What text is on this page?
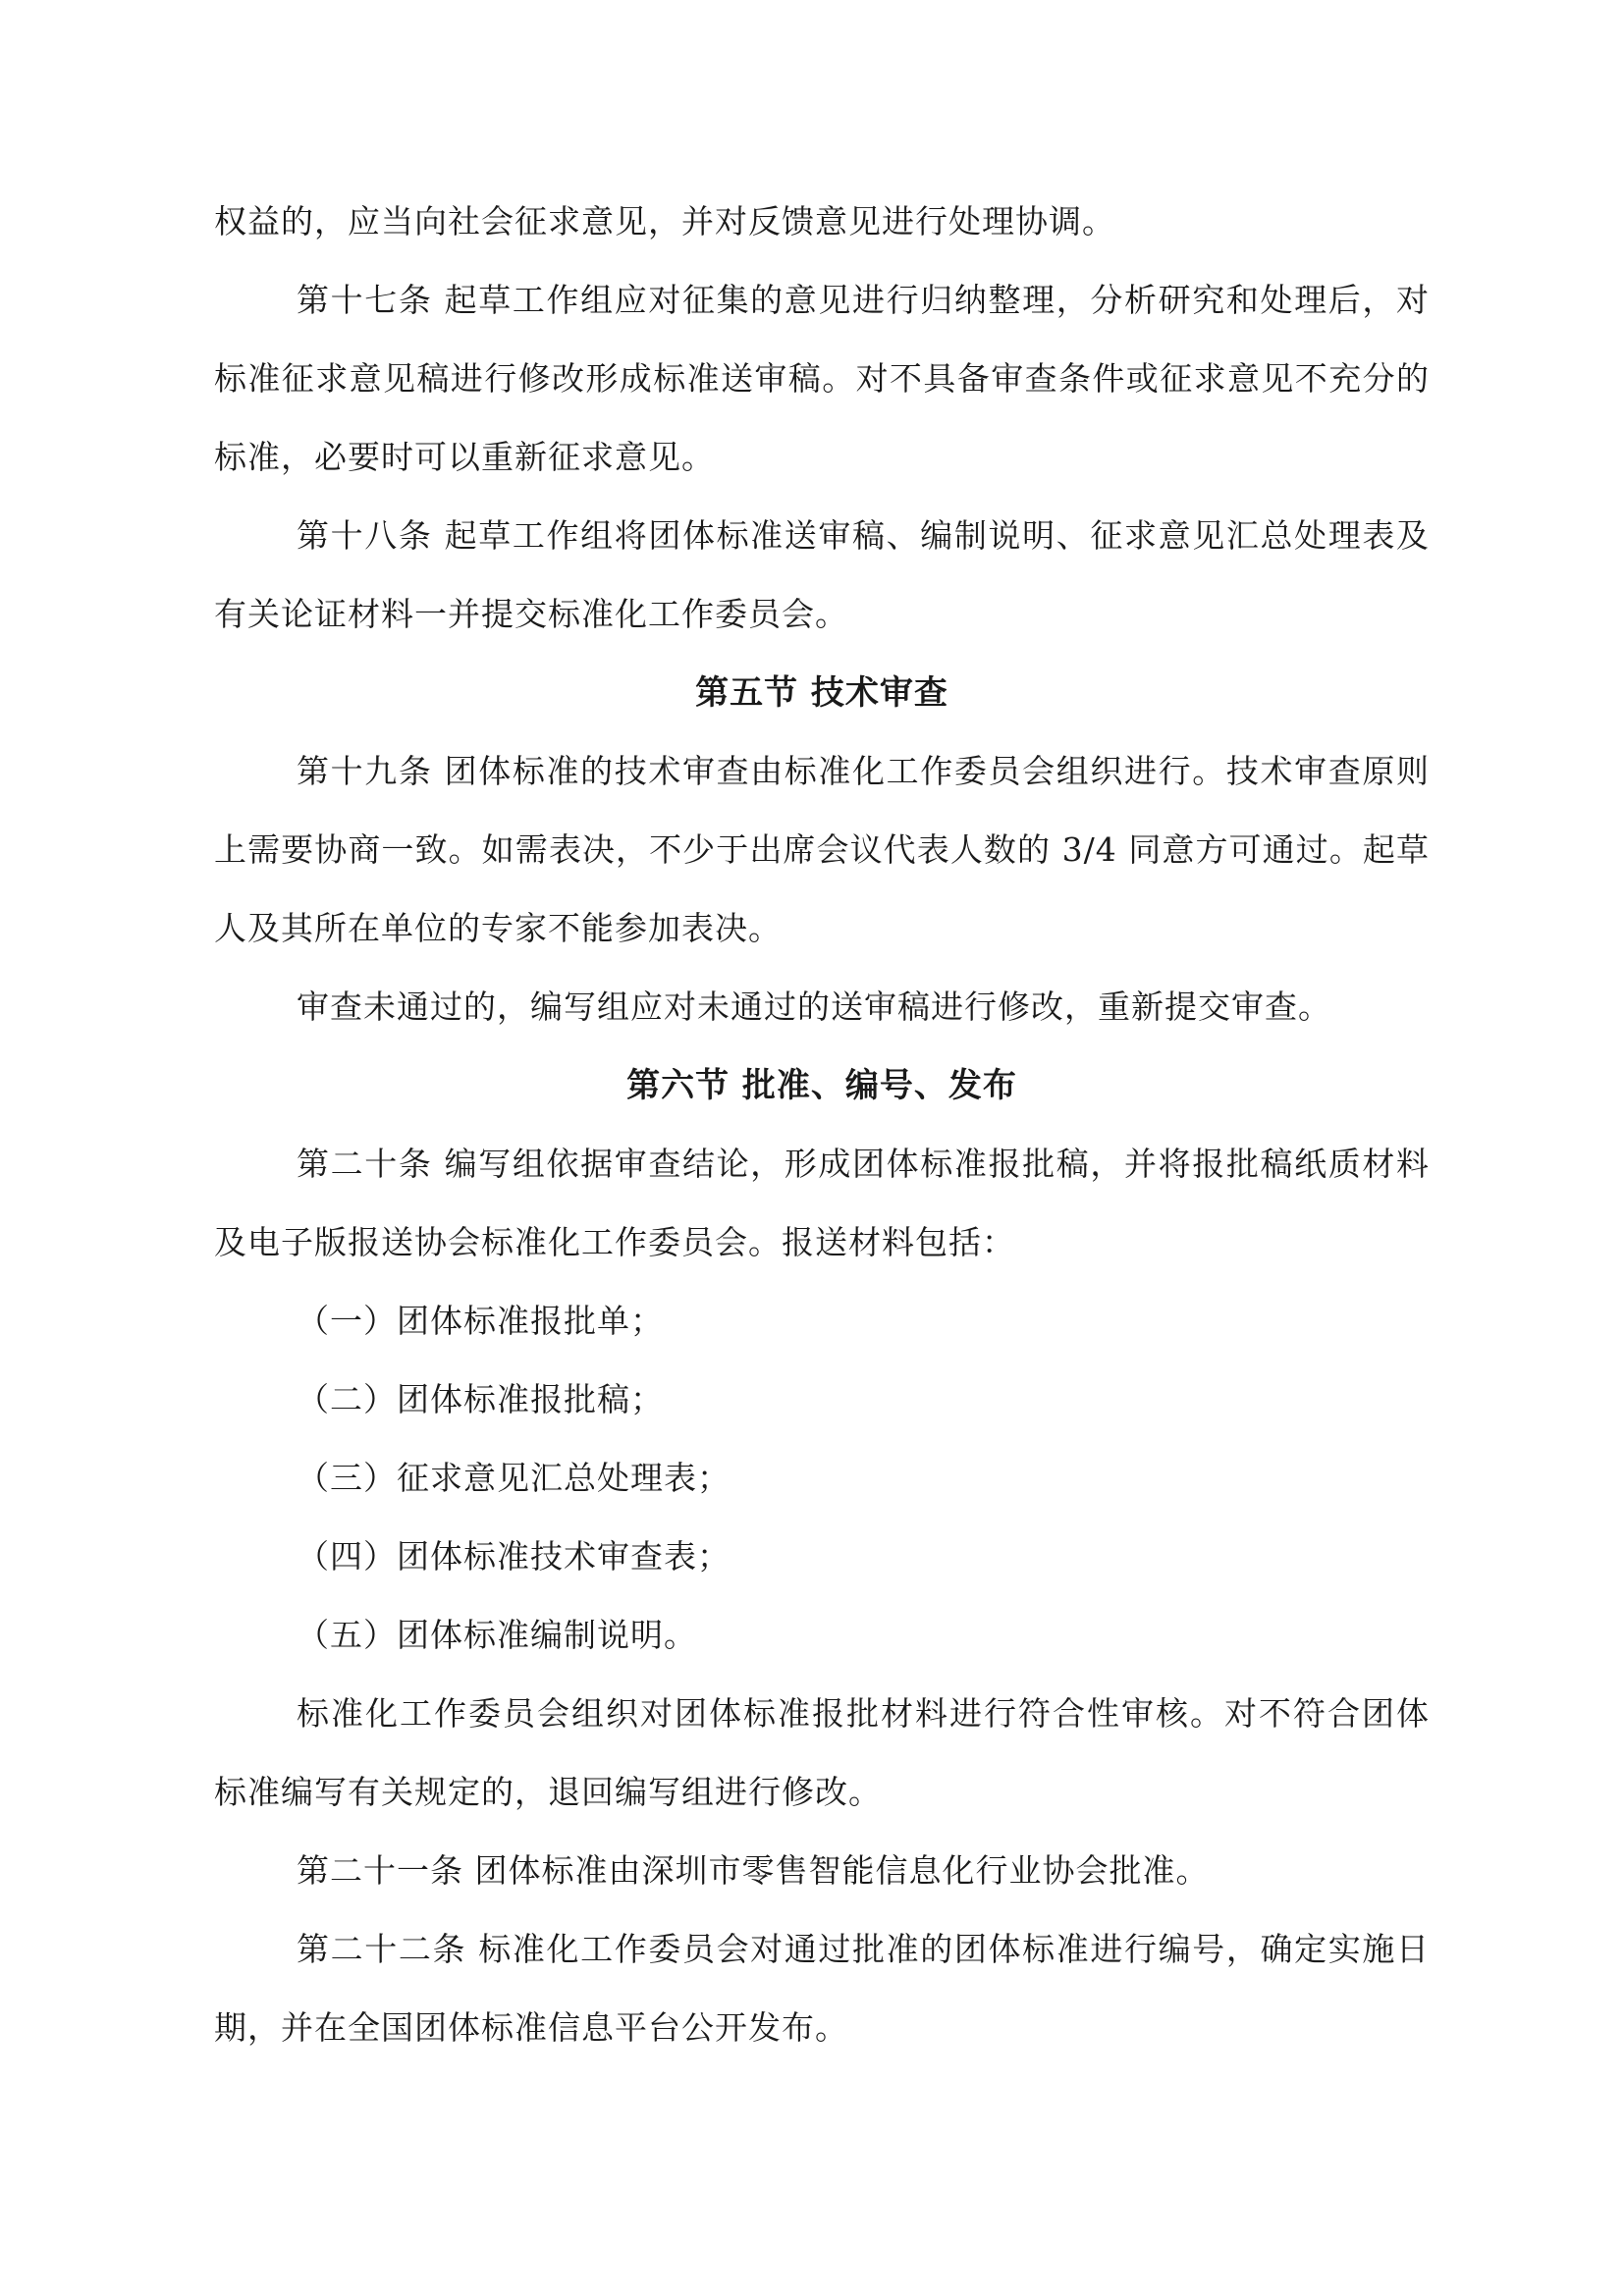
权益的，应当向社会征求意见，并对反馈意见进行处理协调。

第十七条 起草工作组应对征集的意见进行归纳整理，分析研究和处理后，对标准征求意见稿进行修改形成标准送审稿。对不具备审查条件或征求意见不充分的标准，必要时可以重新征求意见。

第十八条 起草工作组将团体标准送审稿、编制说明、征求意见汇总处理表及有关论证材料一并提交标准化工作委员会。

第五节 技术审查

第十九条 团体标准的技术审查由标准化工作委员会组织进行。技术审查原则上需要协商一致。如需表决，不少于出席会议代表人数的 3/4 同意方可通过。起草人及其所在单位的专家不能参加表决。

审查未通过的，编写组应对未通过的送审稿进行修改，重新提交审查。

第六节 批准、编号、发布

第二十条 编写组依据审查结论，形成团体标准报批稿，并将报批稿纸质材料及电子版报送协会标准化工作委员会。报送材料包括：

（一）团体标准报批单；

（二）团体标准报批稿；

（三）征求意见汇总处理表；

（四）团体标准技术审查表；

（五）团体标准编制说明。

标准化工作委员会组织对团体标准报批材料进行符合性审核。对不符合团体标准编写有关规定的，退回编写组进行修改。

第二十一条 团体标准由深圳市零售智能信息化行业协会批准。

第二十二条 标准化工作委员会对通过批准的团体标准进行编号，确定实施日期，并在全国团体标准信息平台公开发布。
